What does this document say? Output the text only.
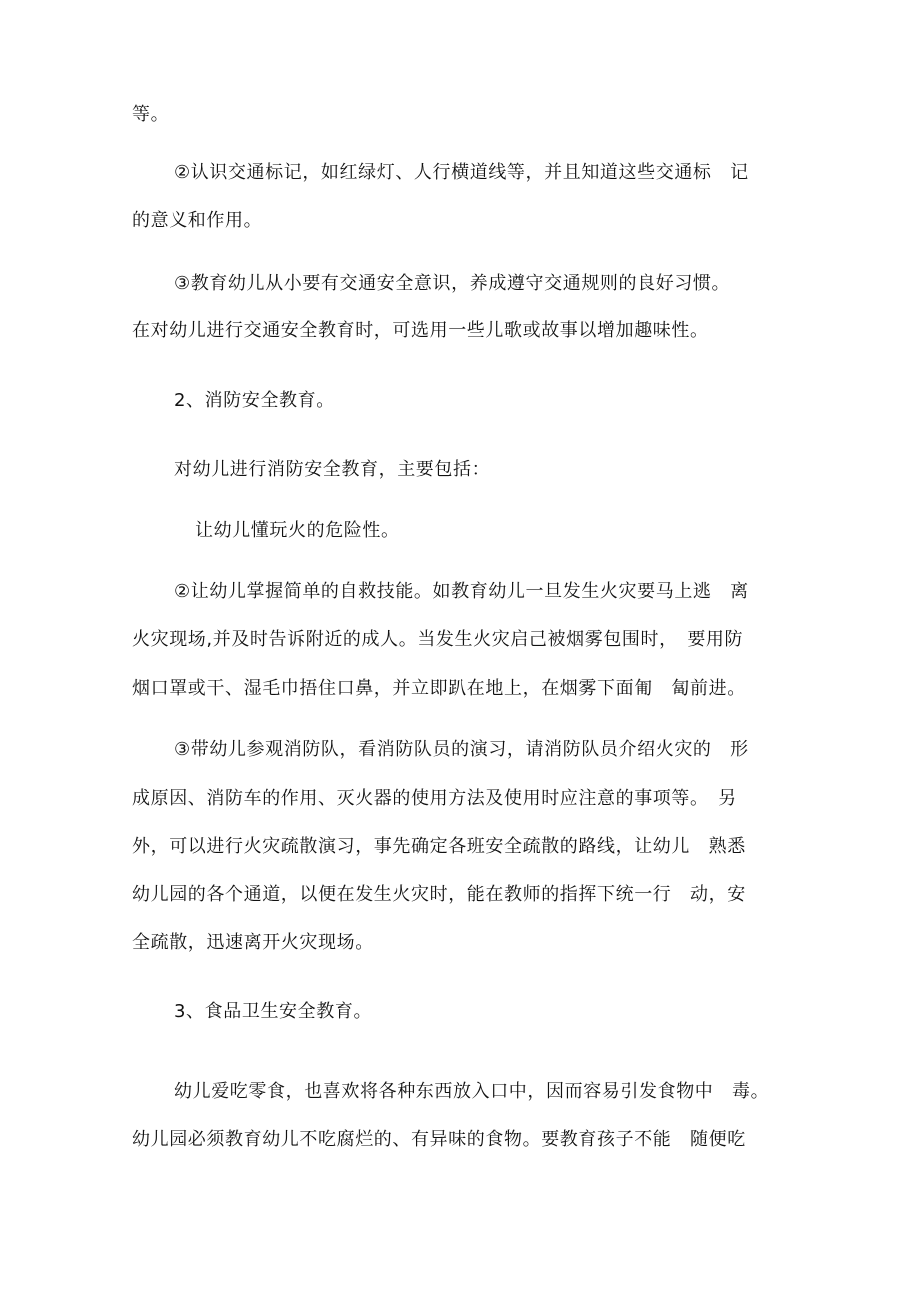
等。
②认识交通标记，如红绿灯、人行横道线等，并且知道这些交通标　记
的意义和作用。
③教育幼儿从小要有交通安全意识，养成遵守交通规则的良好习惯。
在对幼儿进行交通安全教育时，可选用一些儿歌或故事以增加趣味性。
2、消防安全教育。
对幼儿进行消防安全教育，主要包括：
让幼儿懂玩火的危险性。
②让幼儿掌握简单的自救技能。如教育幼儿一旦发生火灾要马上逃　离
火灾现场,并及时告诉附近的成人。当发生火灾启己被烟雾包围时，　要用防
烟口罩或干、湿毛巾捂住口鼻，并立即趴在地上，在烟雾下面匍　匐前进。
③带幼儿参观消防队，看消防队员的演习，请消防队员介绍火灾的　形
成原因、消防车的作用、灭火器的使用方法及使用时应注意的事项等。　另
外，可以进行火灾疏散演习，事先确定各班安全疏散的路线，让幼儿　熟悉
幼儿园的各个通道，以便在发生火灾时，能在教师的指挥下统一行　动，安
全疏散，迅速离开火灾现场。
3、食品卫生安全教育。
幼儿爱吃零食，也喜欢将各种东西放入口中，因而容易引发食物中　毒。
幼儿园必须教育幼儿不吃腐烂的、有异味的食物。要教育孩子不能　随便吃
